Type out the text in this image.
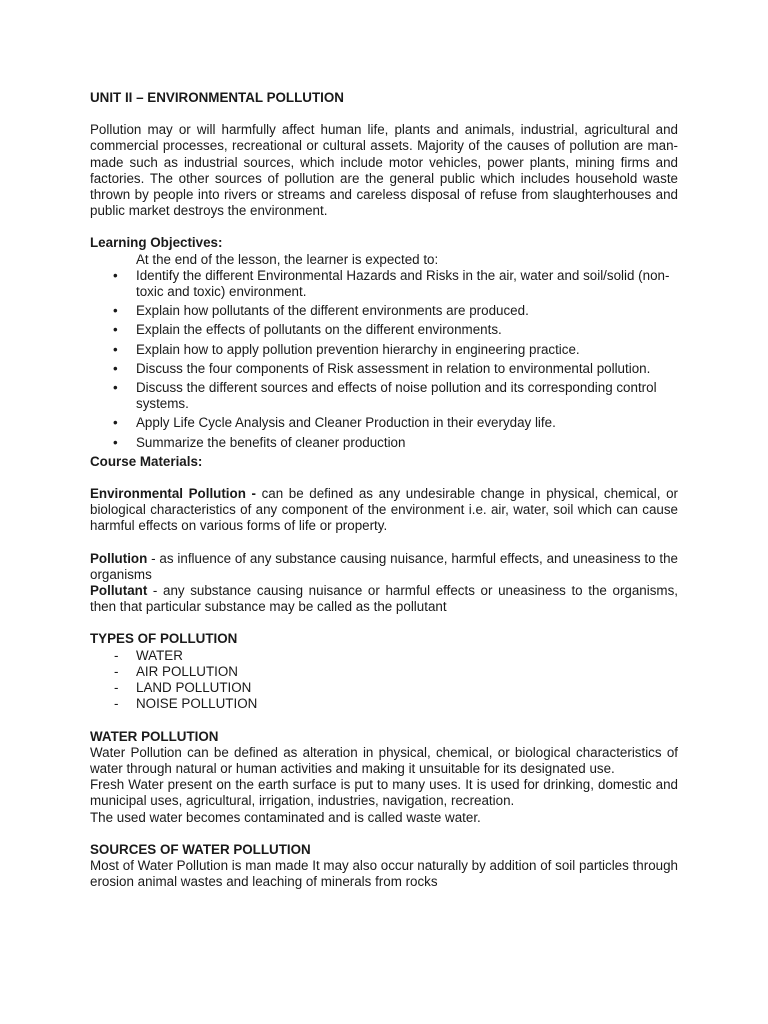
UNIT II – ENVIRONMENTAL POLLUTION
Pollution may or will harmfully affect human life, plants and animals, industrial, agricultural and commercial processes, recreational or cultural assets. Majority of the causes of pollution are man-made such as industrial sources, which include motor vehicles, power plants, mining firms and factories. The other sources of pollution are the general public which includes household waste thrown by people into rivers or streams and careless disposal of refuse from slaughterhouses and public market destroys the environment.
Learning Objectives:
At the end of the lesson, the learner is expected to:
• Identify the different Environmental Hazards and Risks in the air, water and soil/solid (non-toxic and toxic) environment.
• Explain how pollutants of the different environments are produced.
• Explain the effects of pollutants on the different environments.
• Explain how to apply pollution prevention hierarchy in engineering practice.
• Discuss the four components of Risk assessment in relation to environmental pollution.
• Discuss the different sources and effects of noise pollution and its corresponding control systems.
• Apply Life Cycle Analysis and Cleaner Production in their everyday life.
• Summarize the benefits of cleaner production
Course Materials:
Environmental Pollution - can be defined as any undesirable change in physical, chemical, or biological characteristics of any component of the environment i.e. air, water, soil which can cause harmful effects on various forms of life or property.
Pollution - as influence of any substance causing nuisance, harmful effects, and uneasiness to the organisms
Pollutant - any substance causing nuisance or harmful effects or uneasiness to the organisms, then that particular substance may be called as the pollutant
TYPES OF POLLUTION
- WATER
- AIR POLLUTION
- LAND POLLUTION
- NOISE POLLUTION
WATER POLLUTION
Water Pollution can be defined as alteration in physical, chemical, or biological characteristics of water through natural or human activities and making it unsuitable for its designated use.
Fresh Water present on the earth surface is put to many uses. It is used for drinking, domestic and municipal uses, agricultural, irrigation, industries, navigation, recreation.
The used water becomes contaminated and is called waste water.
SOURCES OF WATER POLLUTION
Most of Water Pollution is man made It may also occur naturally by addition of soil particles through erosion animal wastes and leaching of minerals from rocks
